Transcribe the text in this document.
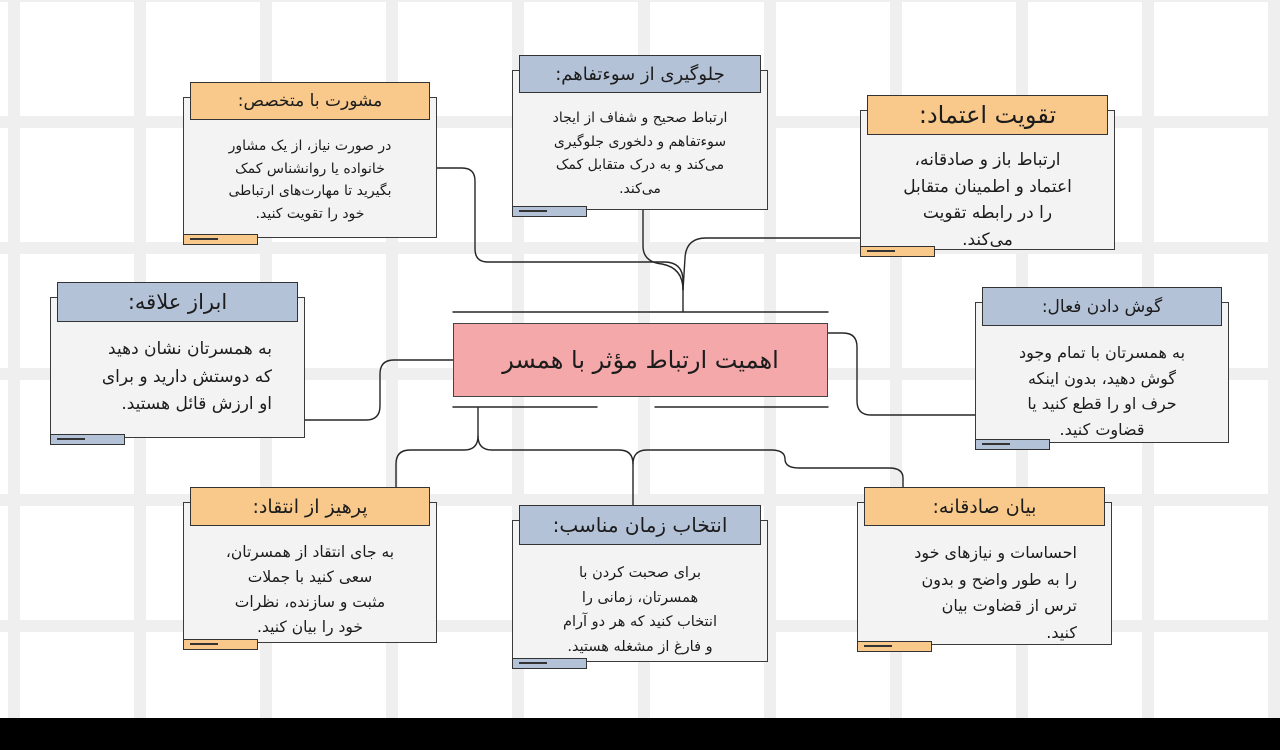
اهمیت ارتباط مؤثر با همسر
مشورت با متخصص:
در صورت نیاز، از یک مشاور
خانواده یا روانشناس کمک
بگیرید تا مهارت‌های ارتباطی
خود را تقویت کنید.
جلوگیری از سوءتفاهم:
ارتباط صحیح و شفاف از ایجاد
سوءتفاهم و دلخوری جلوگیری
می‌کند و به درک متقابل کمک
می‌کند.
تقویت اعتماد:
ارتباط باز و صادقانه،
اعتماد و اطمینان متقابل
را در رابطه تقویت
می‌کند.
ابراز علاقه:
به همسرتان نشان دهید
که دوستش دارید و برای
او ارزش قائل هستید.
گوش دادن فعال:
به همسرتان با تمام وجود
گوش دهید، بدون اینکه
حرف او را قطع کنید یا
قضاوت کنید.
پرهیز از انتقاد:
به جای انتقاد از همسرتان،
سعی کنید با جملات
مثبت و سازنده، نظرات
خود را بیان کنید.
انتخاب زمان مناسب:
برای صحبت کردن با
همسرتان، زمانی را
انتخاب کنید که هر دو آرام
و فارغ از مشغله هستید.
بیان صادقانه:
احساسات و نیازهای خود
را به طور واضح و بدون
ترس از قضاوت بیان
کنید.
